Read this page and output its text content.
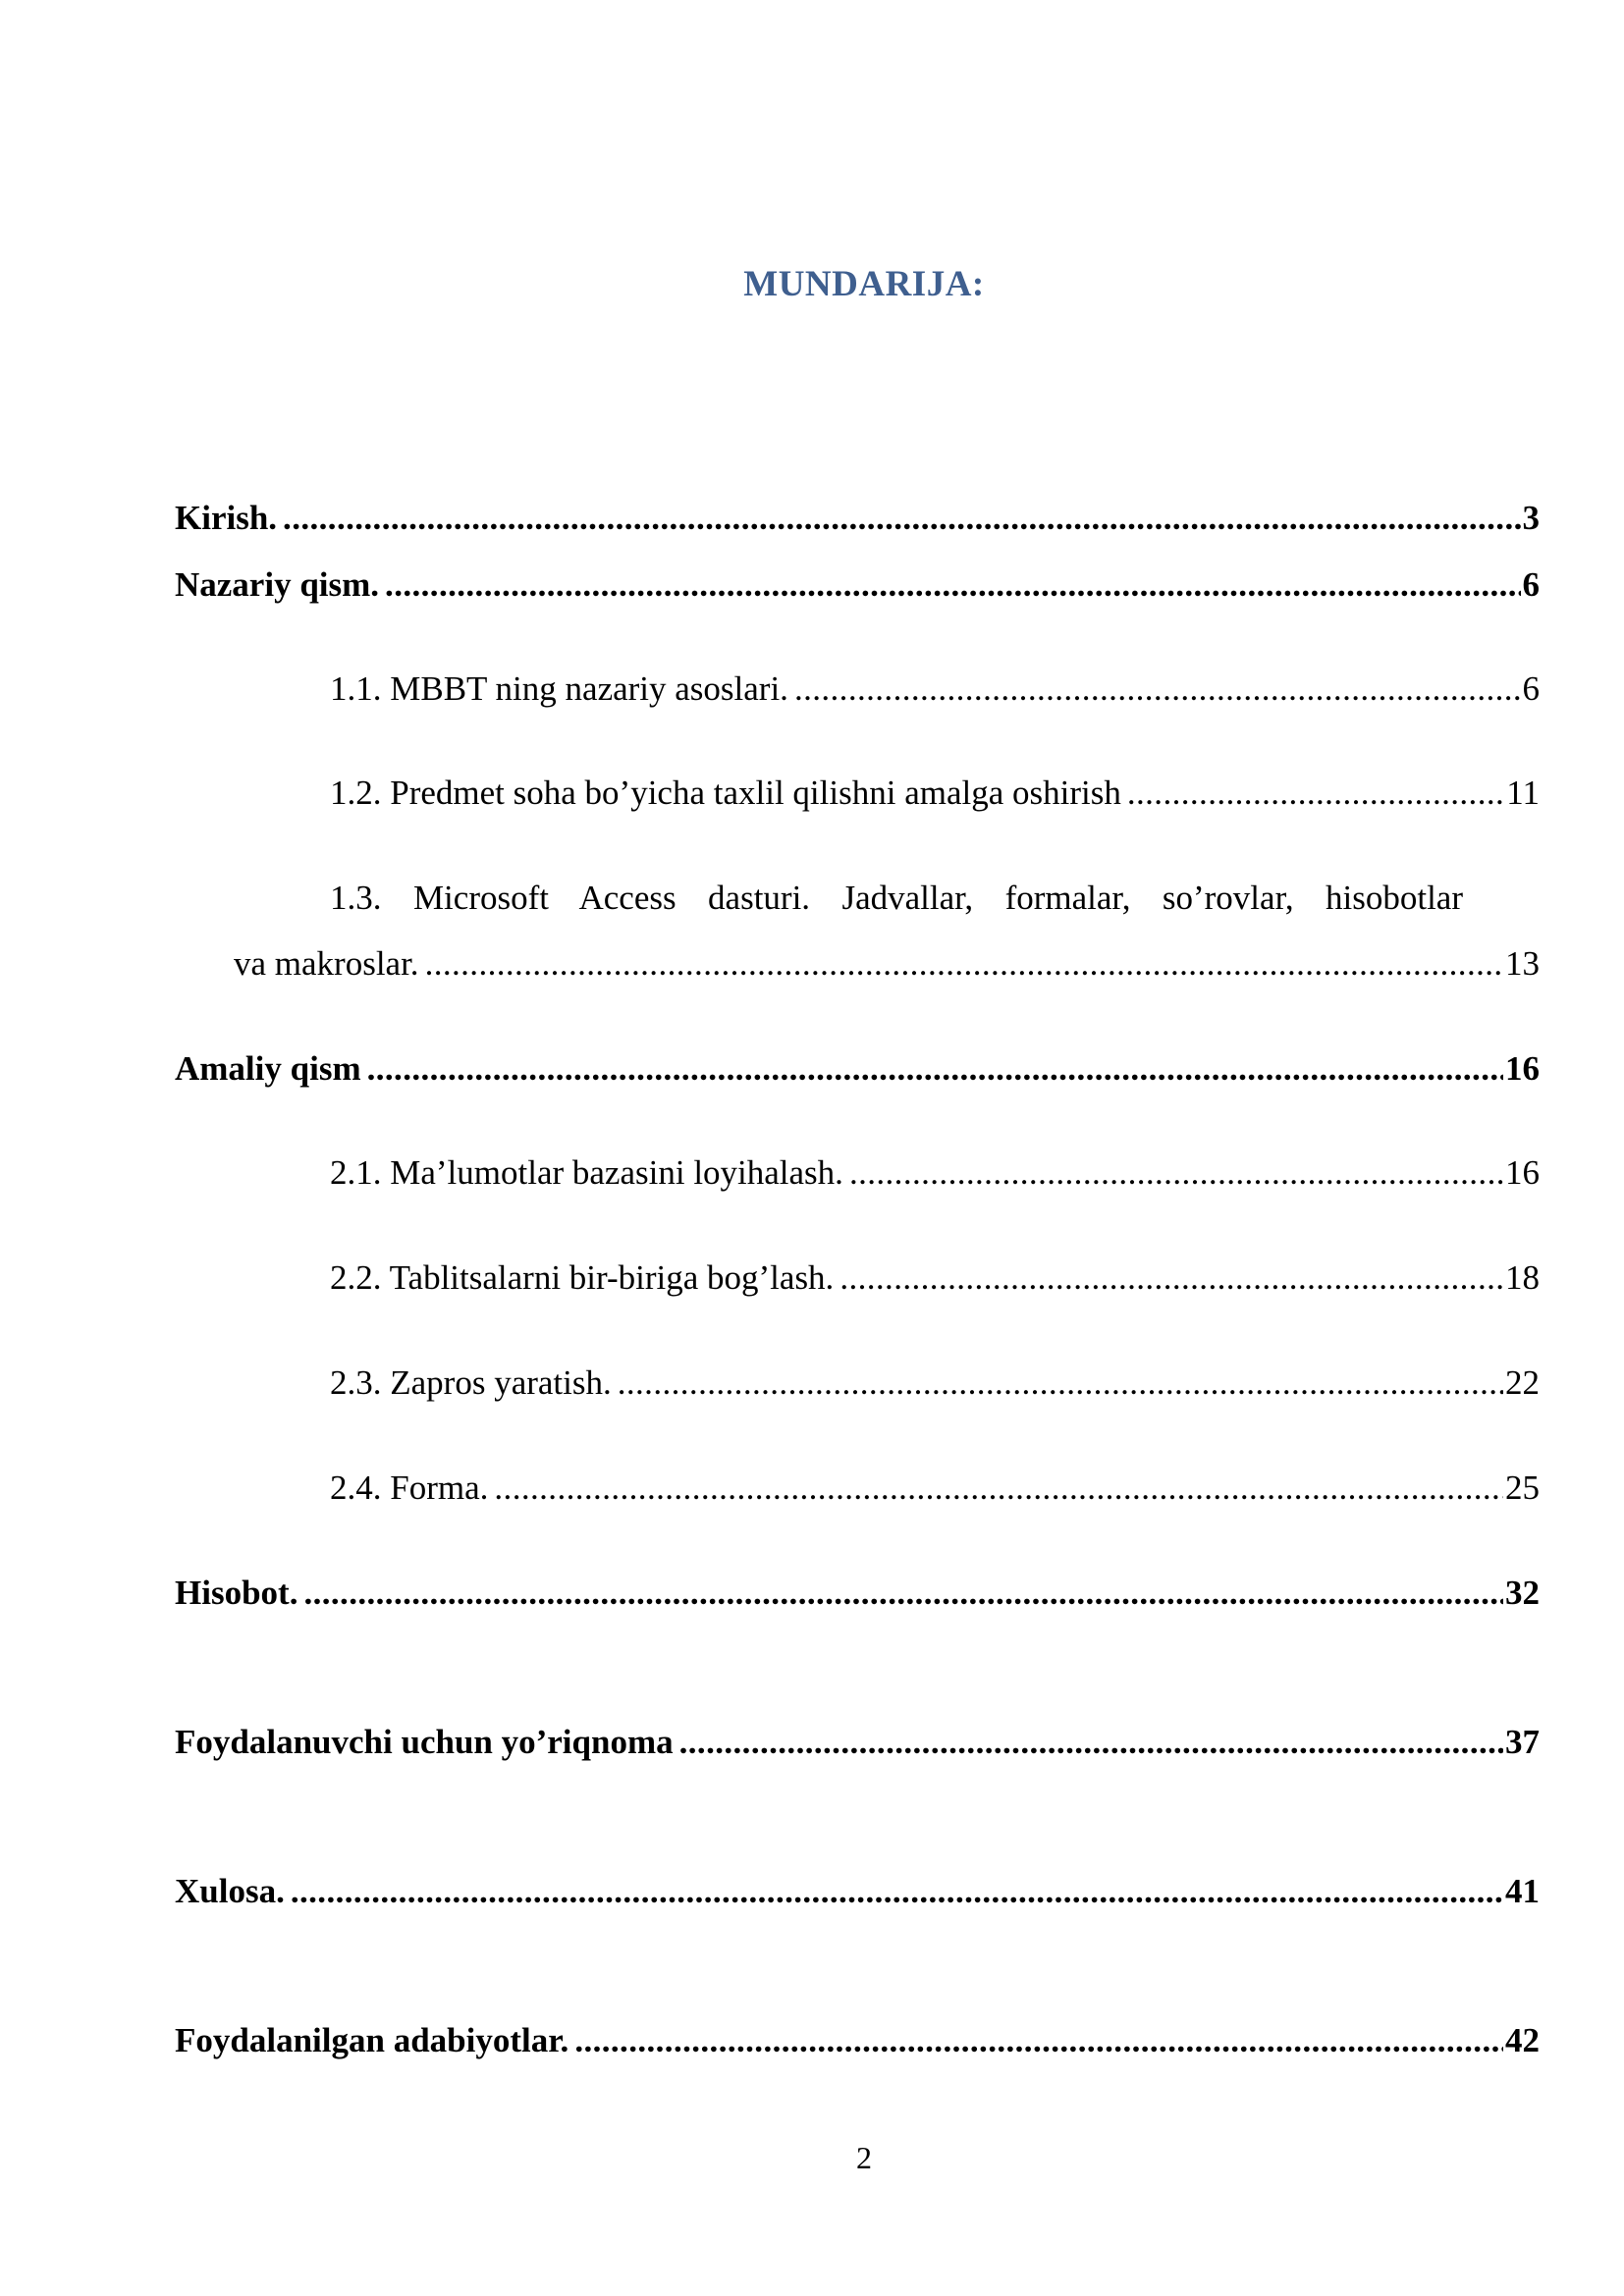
MUNDARIJA:
Kirish. .....	3
Nazariy qism. .....	6
1.1. MBBT ning nazariy asoslari. .....	6
1.2. Predmet soha bo’yicha taxlil qilishni amalga oshirish .....	11
1.3. Microsoft Access dasturi. Jadvallar, formalar, so’rovlar, hisobotlar
va makroslar. .....	13
Amaliy qism .....	16
2.1. Ma’lumotlar bazasini loyihalash. .....	16
2.2. Tablitsalarni bir-biriga bog’lash. .....	18
2.3. Zapros yaratish. .....	22
2.4. Forma. .....	25
Hisobot. .....	32
Foydalanuvchi uchun yo’riqnoma .....	37
Xulosa. .....	41
Foydalanilgan adabiyotlar. .....	42
2
